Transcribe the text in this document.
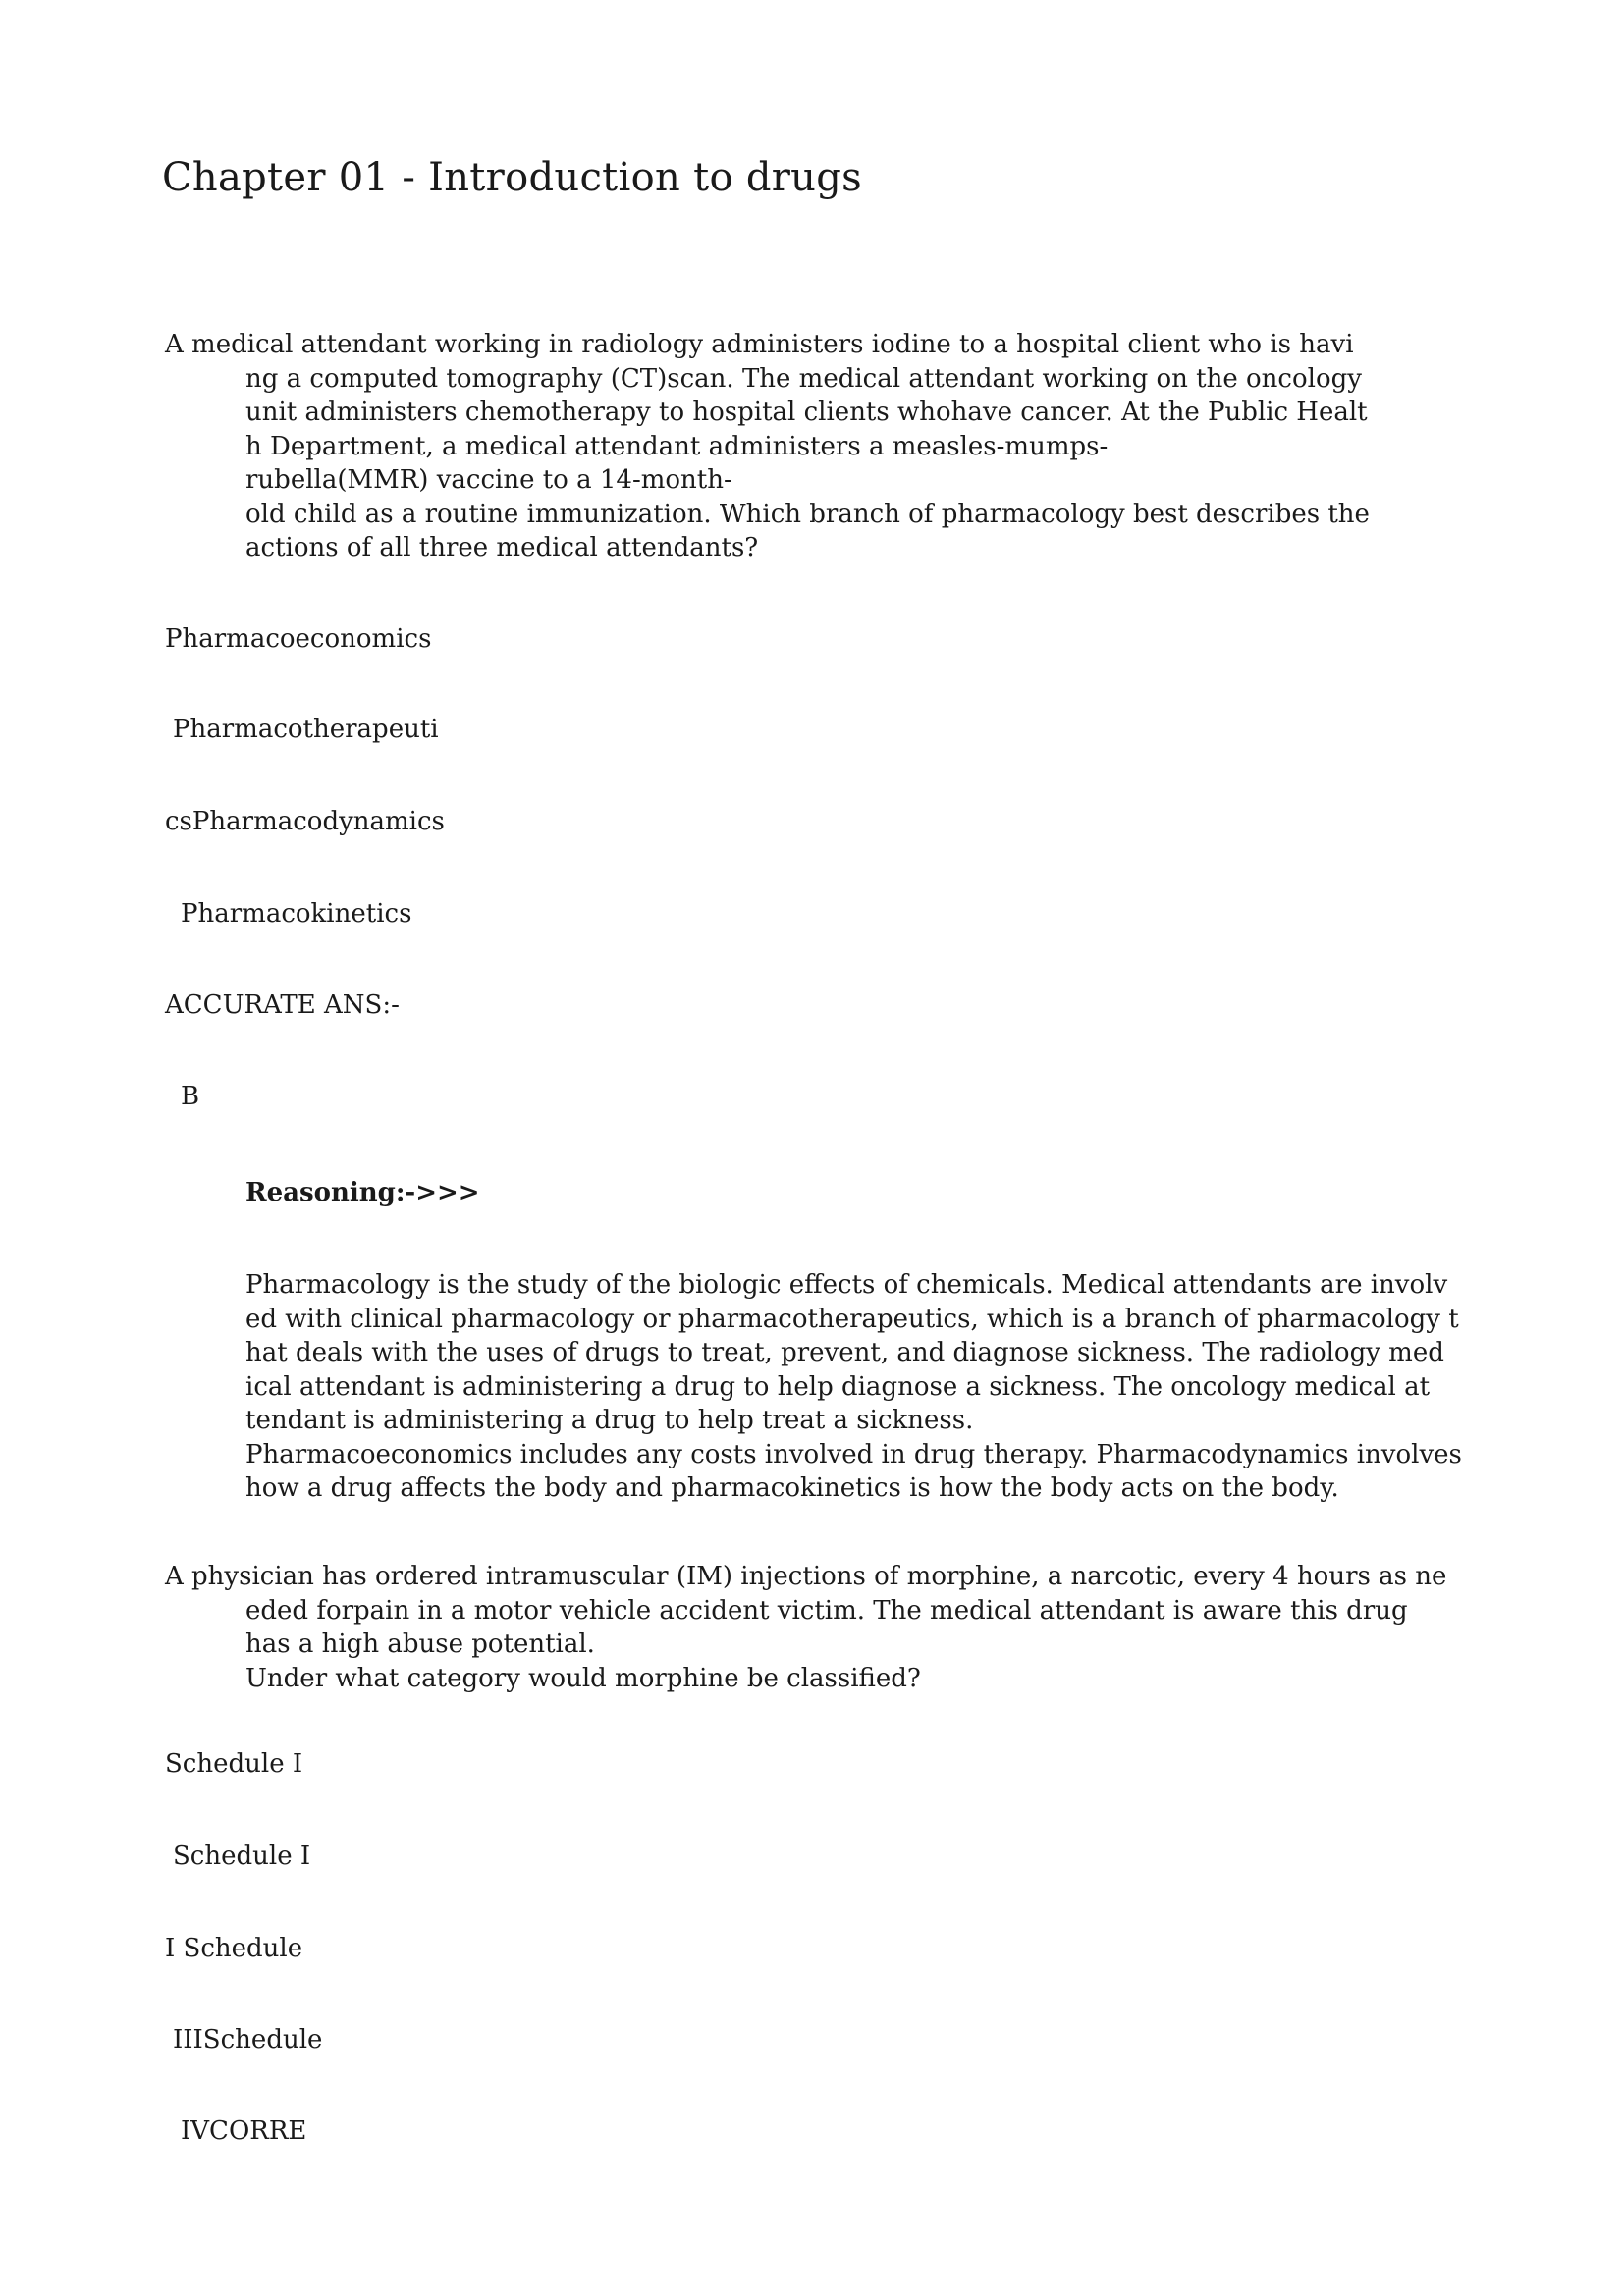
Chapter 01 - Introduction to drugs
A medical attendant working in radiology administers iodine to a hospital client who is havi
ng a computed tomography (CT)scan. The medical attendant working on the oncology
unit administers chemotherapy to hospital clients whohave cancer. At the Public Healt
h Department, a medical attendant administers a measles-mumps-
rubella(MMR) vaccine to a 14-month-
old child as a routine immunization. Which branch of pharmacology best describes the
actions of all three medical attendants?
Pharmacoeconomics
Pharmacotherapeuti
csPharmacodynamics
Pharmacokinetics
ACCURATE ANS:-
B
Reasoning:->>>
Pharmacology is the study of the biologic effects of chemicals. Medical attendants are involv
ed with clinical pharmacology or pharmacotherapeutics, which is a branch of pharmacology t
hat deals with the uses of drugs to treat, prevent, and diagnose sickness. The radiology med
ical attendant is administering a drug to help diagnose a sickness. The oncology medical at
tendant is administering a drug to help treat a sickness.
Pharmacoeconomics includes any costs involved in drug therapy. Pharmacodynamics involves
how a drug affects the body and pharmacokinetics is how the body acts on the body.
A physician has ordered intramuscular (IM) injections of morphine, a narcotic, every 4 hours as ne
eded forpain in a motor vehicle accident victim. The medical attendant is aware this drug
has a high abuse potential.
Under what category would morphine be classified?
Schedule I
Schedule I
I Schedule
IIISchedule
IVCORRE
